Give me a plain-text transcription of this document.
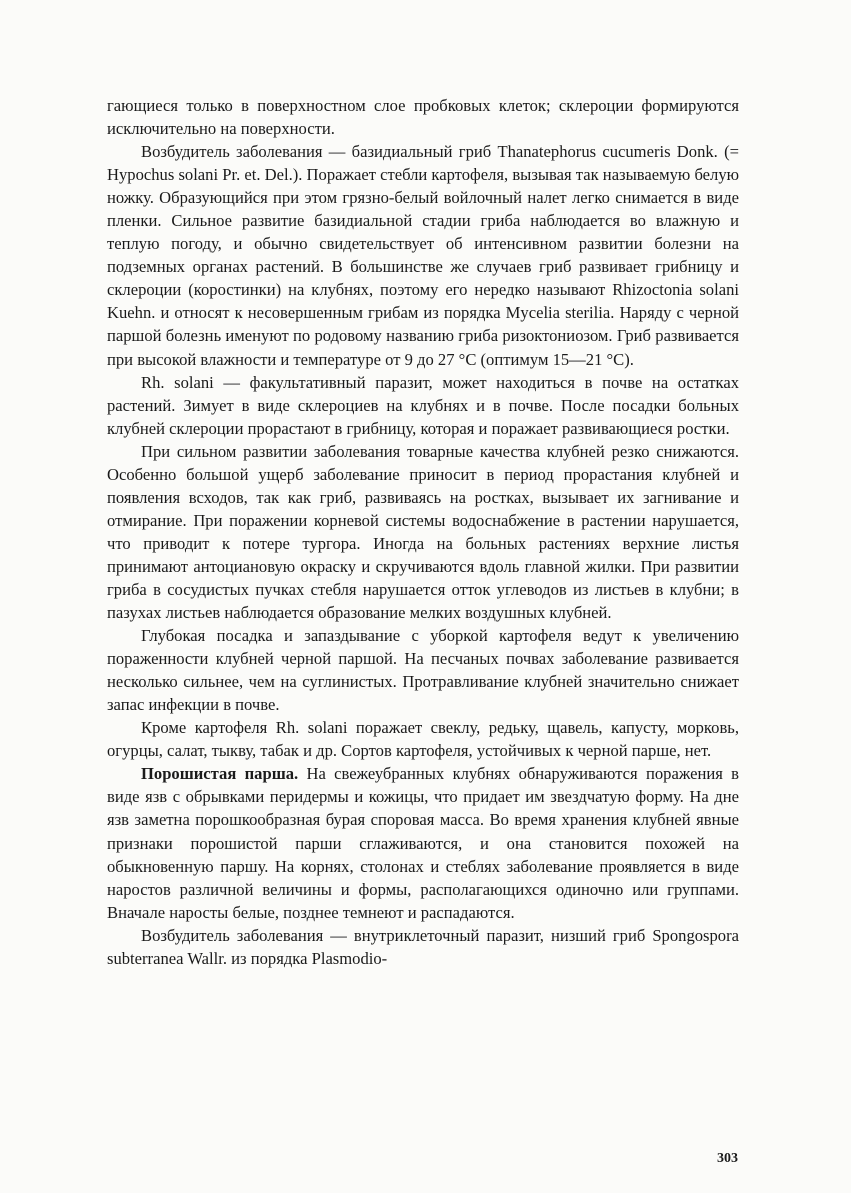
гающиеся только в поверхностном слое пробковых клеток; склероции формируются исключительно на поверхности.

Возбудитель заболевания — базидиальный гриб Thanatephorus cucumeris Donk. (= Hypochus solani Pr. et. Del.). Поражает стебли картофеля, вызывая так называемую белую ножку. Образующийся при этом грязно-белый войлочный налет легко снимается в виде пленки. Сильное развитие базидиальной стадии гриба наблюдается во влажную и теплую погоду, и обычно свидетельствует об интенсивном развитии болезни на подземных органах растений. В большинстве же случаев гриб развивает грибницу и склероции (коростинки) на клубнях, поэтому его нередко называют Rhizoctonia solani Kuehn. и относят к несовершенным грибам из порядка Mycelia sterilia. Наряду с черной паршой болезнь именуют по родовому названию гриба ризоктониозом. Гриб развивается при высокой влажности и температуре от 9 до 27 °С (оптимум 15—21 °С).

Rh. solani — факультативный паразит, может находиться в почве на остатках растений. Зимует в виде склероциев на клубнях и в почве. После посадки больных клубней склероции прорастают в грибницу, которая и поражает развивающиеся ростки.

При сильном развитии заболевания товарные качества клубней резко снижаются. Особенно большой ущерб заболевание приносит в период прорастания клубней и появления всходов, так как гриб, развиваясь на ростках, вызывает их загнивание и отмирание. При поражении корневой системы водоснабжение в растении нарушается, что приводит к потере тургора. Иногда на больных растениях верхние листья принимают антоциановую окраску и скручиваются вдоль главной жилки. При развитии гриба в сосудистых пучках стебля нарушается отток углеводов из листьев в клубни; в пазухах листьев наблюдается образование мелких воздушных клубней.

Глубокая посадка и запаздывание с уборкой картофеля ведут к увеличению пораженности клубней черной паршой. На песчаных почвах заболевание развивается несколько сильнее, чем на суглинистых. Протравливание клубней значительно снижает запас инфекции в почве.

Кроме картофеля Rh. solani поражает свеклу, редьку, щавель, капусту, морковь, огурцы, салат, тыкву, табак и др. Сортов картофеля, устойчивых к черной парше, нет.

Порошистая парша. На свежеубранных клубнях обнаруживаются поражения в виде язв с обрывками перидермы и кожицы, что придает им звездчатую форму. На дне язв заметна порошкообразная бурая споровая масса. Во время хранения клубней явные признаки порошистой парши сглаживаются, и она становится похожей на обыкновенную паршу. На корнях, столонах и стеблях заболевание проявляется в виде наростов различной величины и формы, располагающихся одиночно или группами. Вначале наросты белые, позднее темнеют и распадаются.

Возбудитель заболевания — внутриклеточный паразит, низший гриб Spongospora subterranea Wallr. из порядка Plasmodio-

303
